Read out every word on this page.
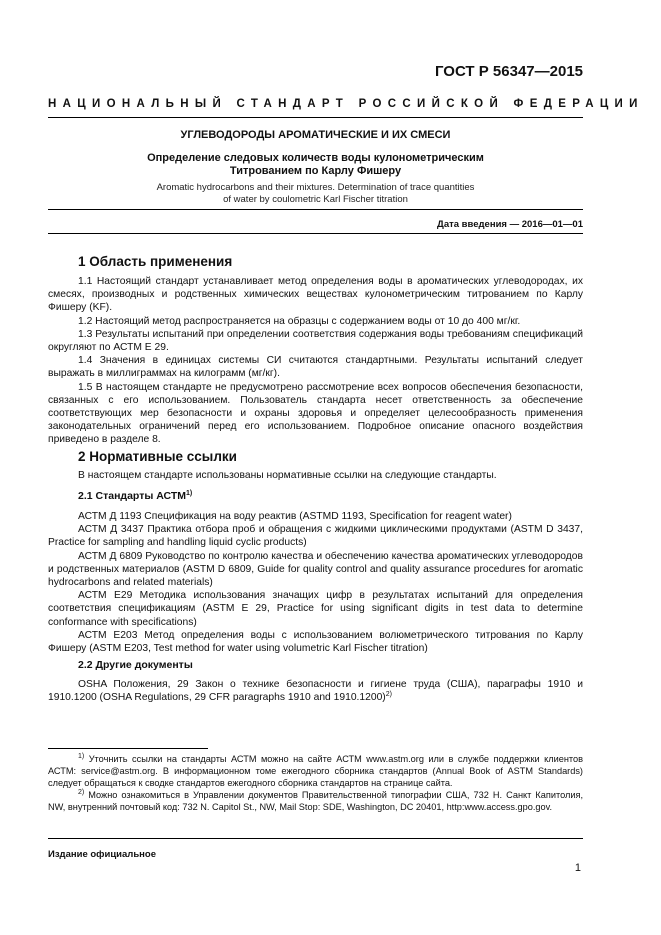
ГОСТ Р 56347—2015
НАЦИОНАЛЬНЫЙ СТАНДАРТ РОССИЙСКОЙ ФЕДЕРАЦИИ
УГЛЕВОДОРОДЫ АРОМАТИЧЕСКИЕ И ИХ СМЕСИ
Определение следовых количеств воды кулонометрическим
Титрованием по Карлу Фишеру
Aromatic hydrocarbons and their mixtures. Determination of trace quantities
of water by coulometric Karl Fischer titration
Дата введения — 2016—01—01
1 Область применения

1.1 Настоящий стандарт устанавливает метод определения воды в ароматических углеводородах, их смесях, производных и родственных химических веществах кулонометрическим титрованием по Карлу Фишеру (KF).

1.2 Настоящий метод распространяется на образцы с содержанием воды от 10 до 400 мг/кг.

1.3 Результаты испытаний при определении соответствия содержания воды требованиям спецификаций округляют по АСТМ Е 29.

1.4 Значения в единицах системы СИ считаются стандартными. Результаты испытаний следует выражать в миллиграммах на килограмм (мг/кг).

1.5 В настоящем стандарте не предусмотрено рассмотрение всех вопросов обеспечения безопасности, связанных с его использованием. Пользователь стандарта несет ответственность за обеспечение соответствующих мер безопасности и охраны здоровья и определяет целесообразность применения законодательных ограничений перед его использованием. Подробное описание опасного воздействия приведено в разделе 8.

2 Нормативные ссылки

В настоящем стандарте использованы нормативные ссылки на следующие стандарты.

2.1 Стандарты АСТМ$^{1)}$

АСТМ Д 1193 Спецификация на воду реактив (ASTMD 1193, Specification for reagent water)

АСТМ Д 3437 Практика отбора проб и обращения с жидкими циклическими продуктами (ASTM D 3437, Practice for sampling and handling liquid cyclic products)

АСТМ Д 6809 Руководство по контролю качества и обеспечению качества ароматических углеводородов и родственных материалов (ASTM D 6809, Guide for quality control and quality assurance procedures for aromatic hydrocarbons and related materials)

АСТМ Е29 Методика использования значащих цифр в результатах испытаний для определения соответствия спецификациям (ASTM E 29, Practice for using significant digits in test data to determine conformance with specifications)

АСТМ Е203 Метод определения воды с использованием волюметрического титрования по Карлу Фишеру (ASTM E203, Test method for water using volumetric Karl Fischer titration)

2.2 Другие документы

OSHA Положения, 29 Закон о технике безопасности и гигиене труда (США), параграфы 1910 и 1910.1200 (OSHA Regulations, 29 CFR paragraphs 1910 and 1910.1200)$^{2)}$

$^{1)}$ Уточнить ссылки на стандарты АСТМ можно на сайте АСТМ www.astm.org или в службе поддержки клиентов АСТМ: service@astm.org. В информационном томе ежегодного сборника стандартов (Annual Book of ASTM Standards) следует обращаться к сводке стандартов ежегодного сборника стандартов на странице сайта.

$^{2)}$ Можно ознакомиться в Управлении документов Правительственной типографии США, 732 Н. Санкт Капитолия, NW, внутренний почтовый код: 732 N. Capitol St., NW, Mail Stop: SDE, Washington, DC 20401, http:www.access.gpo.gov.

Издание официальное
1
